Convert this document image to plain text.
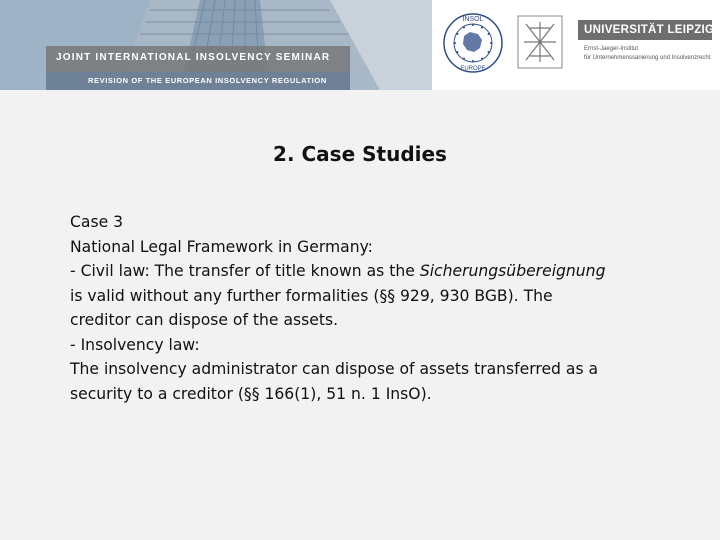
JOINT INTERNATIONAL INSOLVENCY SEMINAR
REVISION OF THE EUROPEAN INSOLVENCY REGULATION
INSOL
EUROPE
UNIVERSITÄT LEIPZIG
Ernst-Jaeger-Institut
für Unternehmenssanierung und Insolvenzrecht
2. Case Studies

Case 3

National Legal Framework in Germany:

- Civil law: The transfer of title known as the Sicherungsübereignung
is valid without any further formalities (§§ 929, 930 BGB). The
creditor can dispose of the assets.

- Insolvency law:

The insolvency administrator can dispose of assets transferred as a
security to a creditor (§§ 166(1), 51 n. 1 InsO).
